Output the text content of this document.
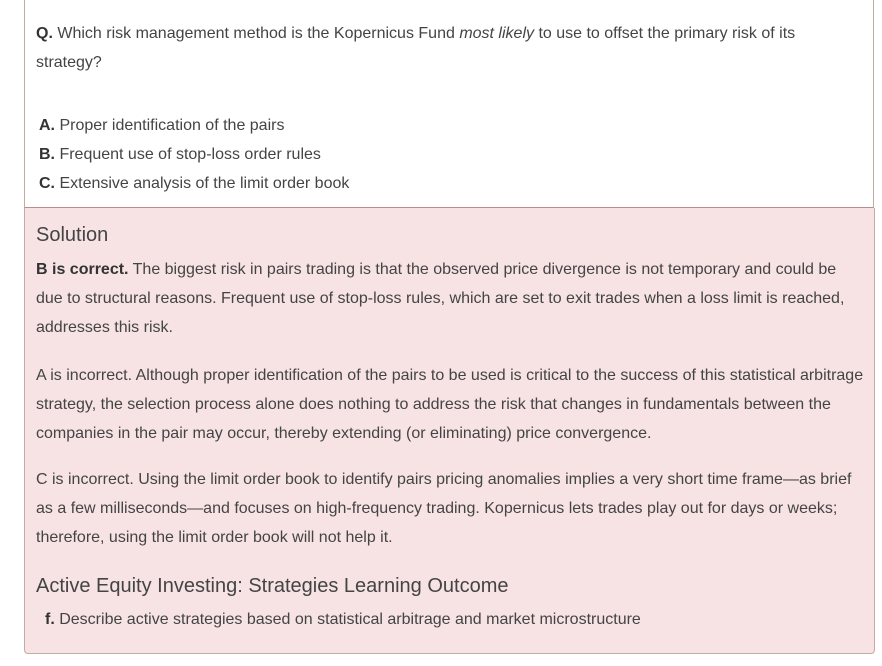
Q. Which risk management method is the Kopernicus Fund most likely to use to offset the primary risk of its strategy?
A. Proper identification of the pairs
B. Frequent use of stop-loss order rules
C. Extensive analysis of the limit order book
Solution

B is correct. The biggest risk in pairs trading is that the observed price divergence is not temporary and could be due to structural reasons. Frequent use of stop-loss rules, which are set to exit trades when a loss limit is reached, addresses this risk.

A is incorrect. Although proper identification of the pairs to be used is critical to the success of this statistical arbitrage strategy, the selection process alone does nothing to address the risk that changes in fundamentals between the companies in the pair may occur, thereby extending (or eliminating) price convergence.

C is incorrect. Using the limit order book to identify pairs pricing anomalies implies a very short time frame—as brief as a few milliseconds—and focuses on high-frequency trading. Kopernicus lets trades play out for days or weeks; therefore, using the limit order book will not help it.

Active Equity Investing: Strategies Learning Outcome
f. Describe active strategies based on statistical arbitrage and market microstructure
